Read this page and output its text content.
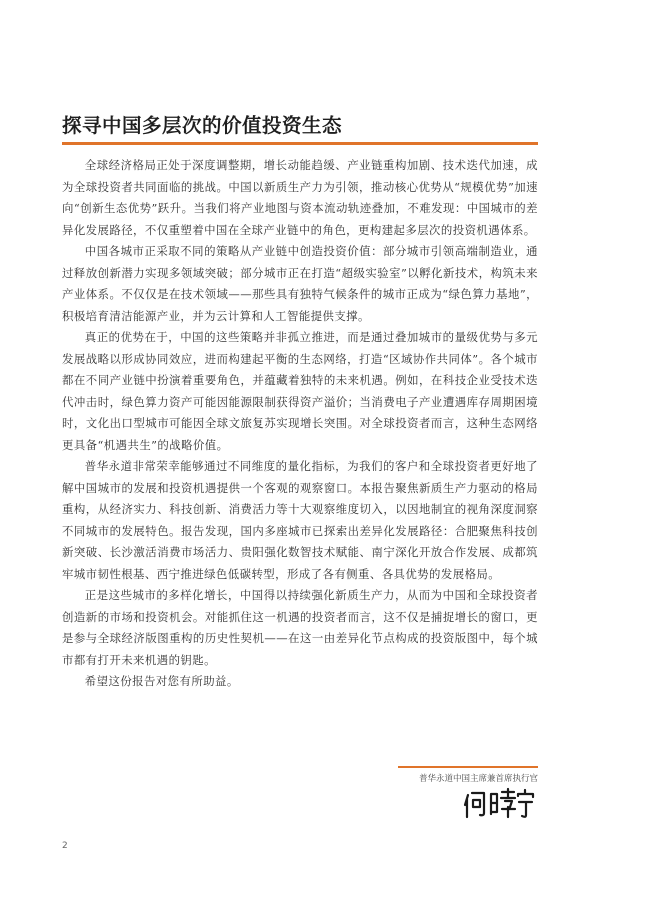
探寻中国多层次的价值投资生态

全球经济格局正处于深度调整期，增长动能趋缓、产业链重构加剧、技术迭代加速，成为全球投资者共同面临的挑战。中国以新质生产力为引领，推动核心优势从“规模优势”加速向“创新生态优势”跃升。当我们将产业地图与资本流动轨迹叠加，不难发现：中国城市的差异化发展路径，不仅重塑着中国在全球产业链中的角色，更构建起多层次的投资机遇体系。

中国各城市正采取不同的策略从产业链中创造投资价值：部分城市引领高端制造业，通过释放创新潜力实现多领域突破；部分城市正在打造“超级实验室”以孵化新技术，构筑未来产业体系。不仅仅是在技术领域——那些具有独特气候条件的城市正成为“绿色算力基地”，积极培育清洁能源产业，并为云计算和人工智能提供支撑。

真正的优势在于，中国的这些策略并非孤立推进，而是通过叠加城市的量级优势与多元发展战略以形成协同效应，进而构建起平衡的生态网络，打造“区域协作共同体”。各个城市都在不同产业链中扮演着重要角色，并蕴藏着独特的未来机遇。例如，在科技企业受技术迭代冲击时，绿色算力资产可能因能源限制获得资产溢价；当消费电子产业遭遇库存周期困境时，文化出口型城市可能因全球文旅复苏实现增长突围。对全球投资者而言，这种生态网络更具备“机遇共生”的战略价值。

普华永道非常荣幸能够通过不同维度的量化指标，为我们的客户和全球投资者更好地了解中国城市的发展和投资机遇提供一个客观的观察窗口。本报告聚焦新质生产力驱动的格局重构，从经济实力、科技创新、消费活力等十大观察维度切入，以因地制宜的视角深度洞察不同城市的发展特色。报告发现，国内多座城市已探索出差异化发展路径：合肥聚焦科技创新突破、长沙激活消费市场活力、贵阳强化数智技术赋能、南宁深化开放合作发展、成都筑牢城市韧性根基、西宁推进绿色低碳转型，形成了各有侧重、各具优势的发展格局。

正是这些城市的多样化增长，中国得以持续强化新质生产力，从而为中国和全球投资者创造新的市场和投资机会。对能抓住这一机遇的投资者而言，这不仅是捕捉增长的窗口，更是参与全球经济版图重构的历史性契机——在这一由差异化节点构成的投资版图中，每个城市都有打开未来机遇的钥匙。

希望这份报告对您有所助益。

普华永道中国主席兼首席执行官
2
